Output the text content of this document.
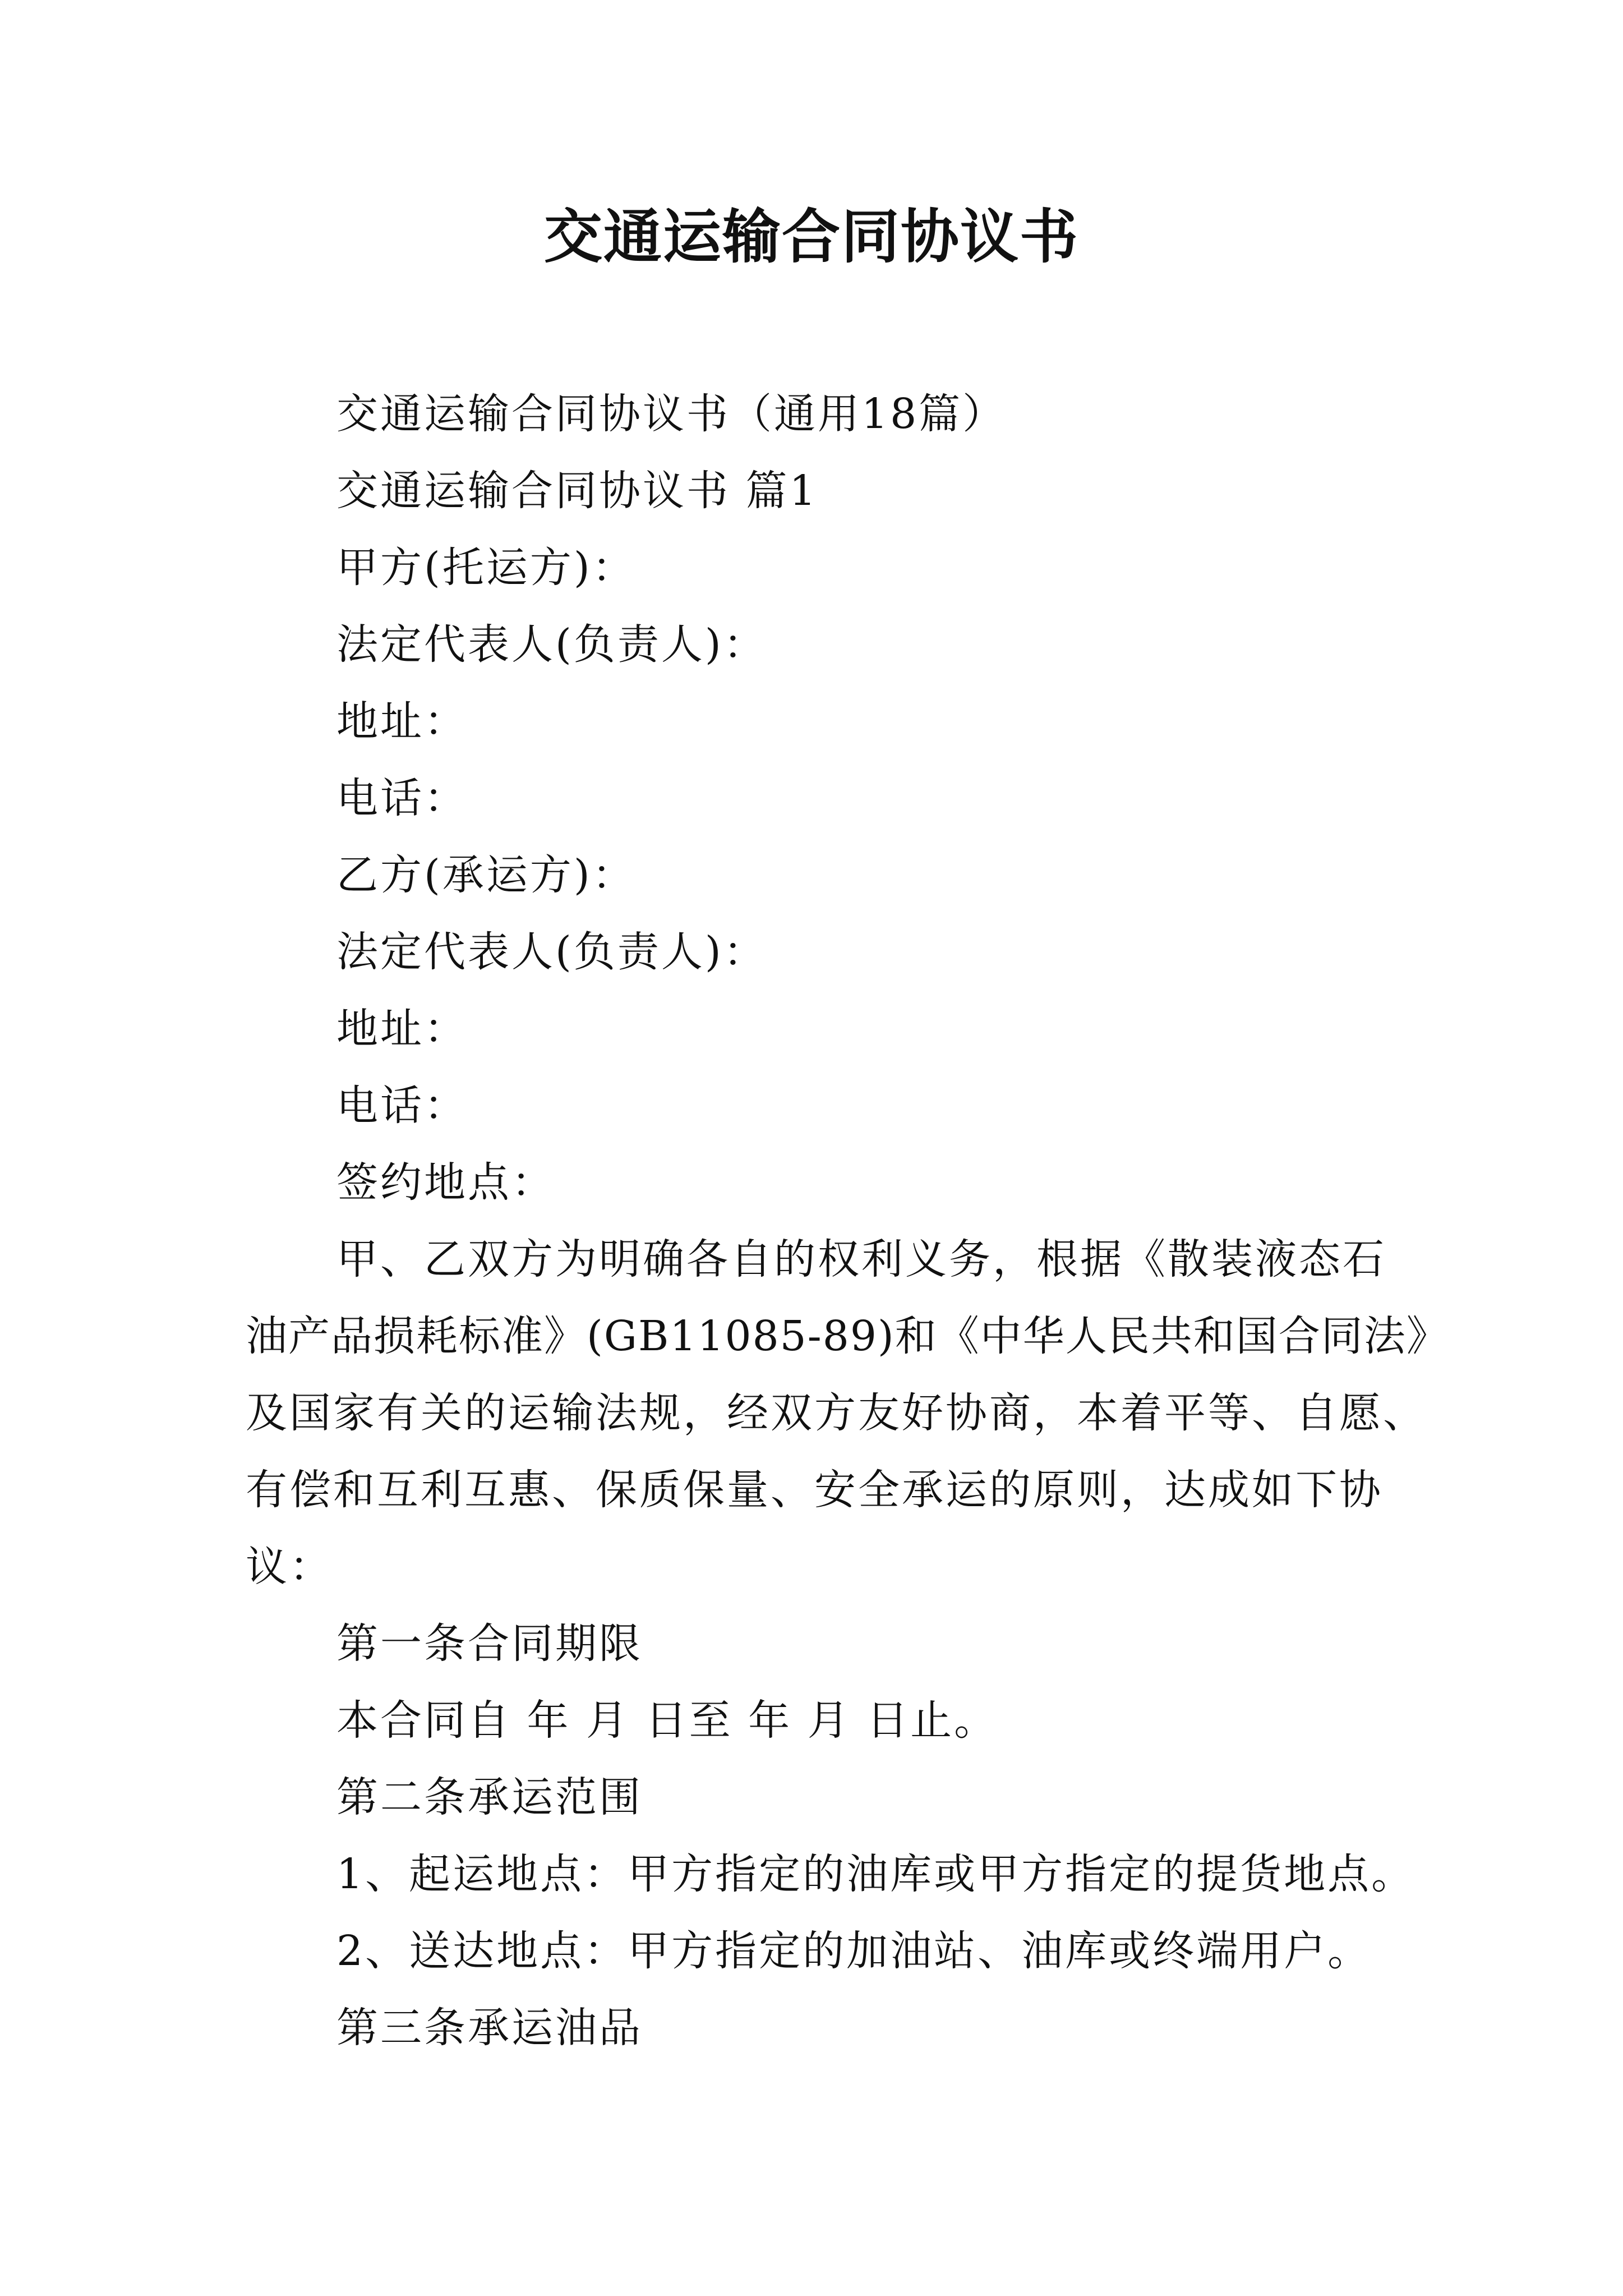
交通运输合同协议书
交通运输合同协议书（通用18篇）
交通运输合同协议书 篇1
甲方(托运方)：
法定代表人(负责人)：
地址：
电话：
乙方(承运方)：
法定代表人(负责人)：
地址：
电话：
签约地点：
甲、乙双方为明确各自的权利义务，根据《散装液态石
油产品损耗标准》(GB11085-89)和《中华人民共和国合同法》
及国家有关的运输法规，经双方友好协商，本着平等、自愿、
有偿和互利互惠、保质保量、安全承运的原则，达成如下协
议：
第一条合同期限
本合同自 年 月 日至 年 月 日止。
第二条承运范围
1、起运地点：甲方指定的油库或甲方指定的提货地点。
2、送达地点：甲方指定的加油站、油库或终端用户。
第三条承运油品
